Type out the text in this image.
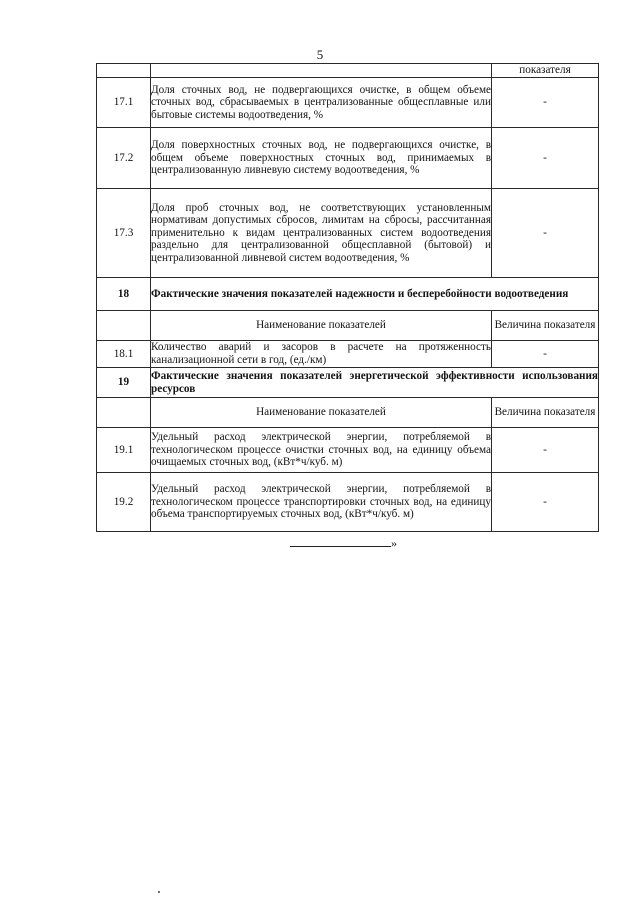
5
		показателя
17.1	Доля сточных вод, не подвергающихся очистке, в общем объеме сточных вод, сбрасываемых в централизованные общесплавные или бытовые системы водоотведения, %	-
17.2	Доля поверхностных сточных вод, не подвергающихся очистке, в общем объеме поверхностных сточных вод, принимаемых в централизованную ливневую систему водоотведения, %	-
17.3	Доля проб сточных вод, не соответствующих установленным нормативам допустимых сбросов, лимитам на сбросы, рассчитанная применительно к видам централизованных систем водоотведения раздельно для централизованной общесплавной (бытовой) и централизованной ливневой систем водоотведения, %	-
18	Фактические значения показателей надежности и бесперебойности водоотведения	
	Наименование показателей	Величина показателя
18.1	Количество аварий и засоров в расчете на протяженность канализационной сети в год, (ед./км)	-
19	Фактические значения показателей энергетической эффективности использования ресурсов	
	Наименование показателей	Величина показателя
19.1	Удельный расход электрической энергии, потребляемой в технологическом процессе очистки сточных вод, на единицу объема очищаемых сточных вод, (кВт*ч/куб. м)	-
19.2	Удельный расход электрической энергии, потребляемой в технологическом процессе транспортировки сточных вод, на единицу объема транспортируемых сточных вод, (кВт*ч/куб. м)	-
»
